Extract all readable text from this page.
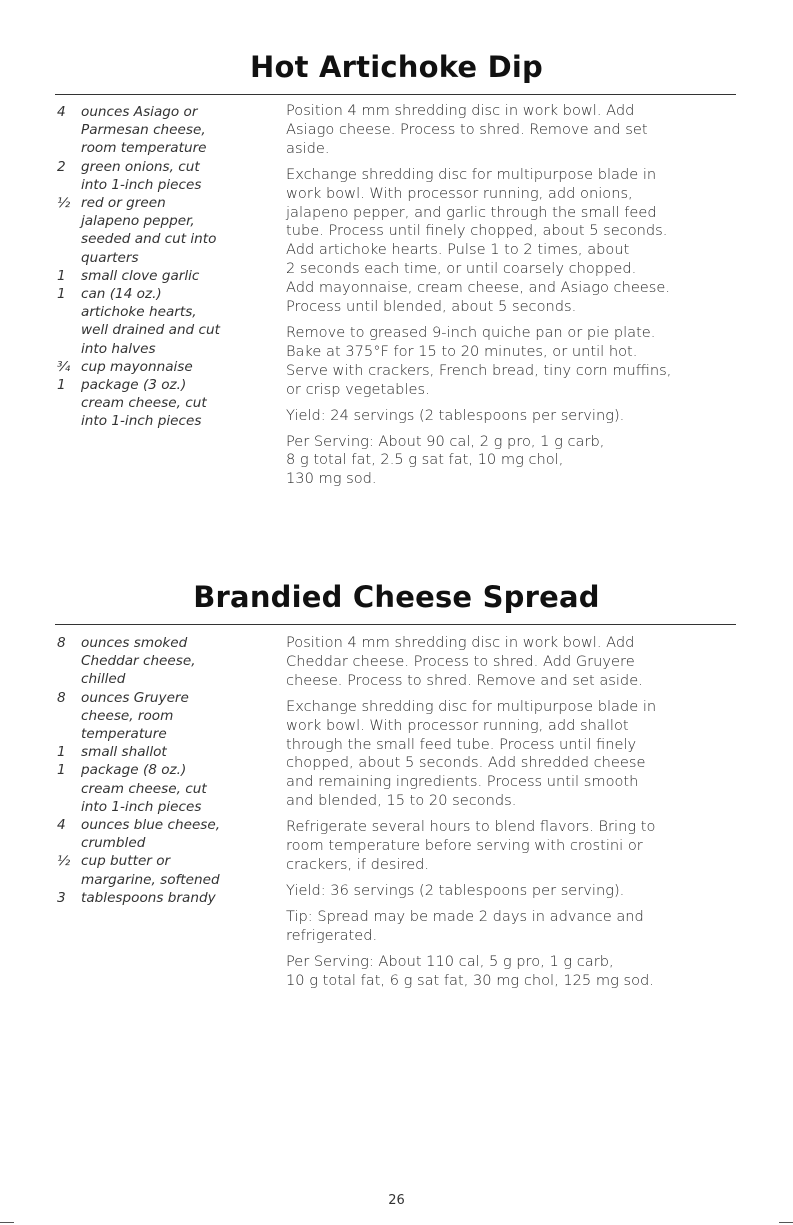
Hot Artichoke Dip
4	ounces Asiago or
Parmesan cheese,
room temperature
2	green onions, cut
into 1-inch pieces
½ red or green
jalapeno pepper,
seeded and cut into
quarters
1	small clove garlic
1	can (14 oz.)
artichoke hearts,
well drained and cut
into halves
¾ cup mayonnaise
1	package (3 oz.)
cream cheese, cut
into 1-inch pieces

Position 4 mm shredding disc in work bowl. Add
Asiago cheese. Process to shred. Remove and set
aside.

Exchange shredding disc for multipurpose blade in
work bowl. With processor running, add onions,
jalapeno pepper, and garlic through the small feed
tube. Process until finely chopped, about 5 seconds.
Add artichoke hearts. Pulse 1 to 2 times, about
2 seconds each time, or until coarsely chopped.
Add mayonnaise, cream cheese, and Asiago cheese.
Process until blended, about 5 seconds.

Remove to greased 9-inch quiche pan or pie plate.
Bake at 375°F for 15 to 20 minutes, or until hot.
Serve with crackers, French bread, tiny corn muffins,
or crisp vegetables.

Yield: 24 servings (2 tablespoons per serving).

Per Serving: About 90 cal, 2 g pro, 1 g carb,
8 g total fat, 2.5 g sat fat, 10 mg chol,
130 mg sod.

Brandied Cheese Spread
8	ounces smoked
Cheddar cheese,
chilled
8	ounces Gruyere
cheese, room
temperature
1	small shallot
1	package (8 oz.)
cream cheese, cut
into 1-inch pieces
4	ounces blue cheese,
crumbled
½ cup butter or
margarine, softened
3	tablespoons brandy

Position 4 mm shredding disc in work bowl. Add
Cheddar cheese. Process to shred. Add Gruyere
cheese. Process to shred. Remove and set aside.

Exchange shredding disc for multipurpose blade in
work bowl. With processor running, add shallot
through the small feed tube. Process until finely
chopped, about 5 seconds. Add shredded cheese
and remaining ingredients. Process until smooth
and blended, 15 to 20 seconds.

Refrigerate several hours to blend flavors. Bring to
room temperature before serving with crostini or
crackers, if desired.

Yield: 36 servings (2 tablespoons per serving).

Tip: Spread may be made 2 days in advance and
refrigerated.

Per Serving: About 110 cal, 5 g pro, 1 g carb,
10 g total fat, 6 g sat fat, 30 mg chol, 125 mg sod.

26
